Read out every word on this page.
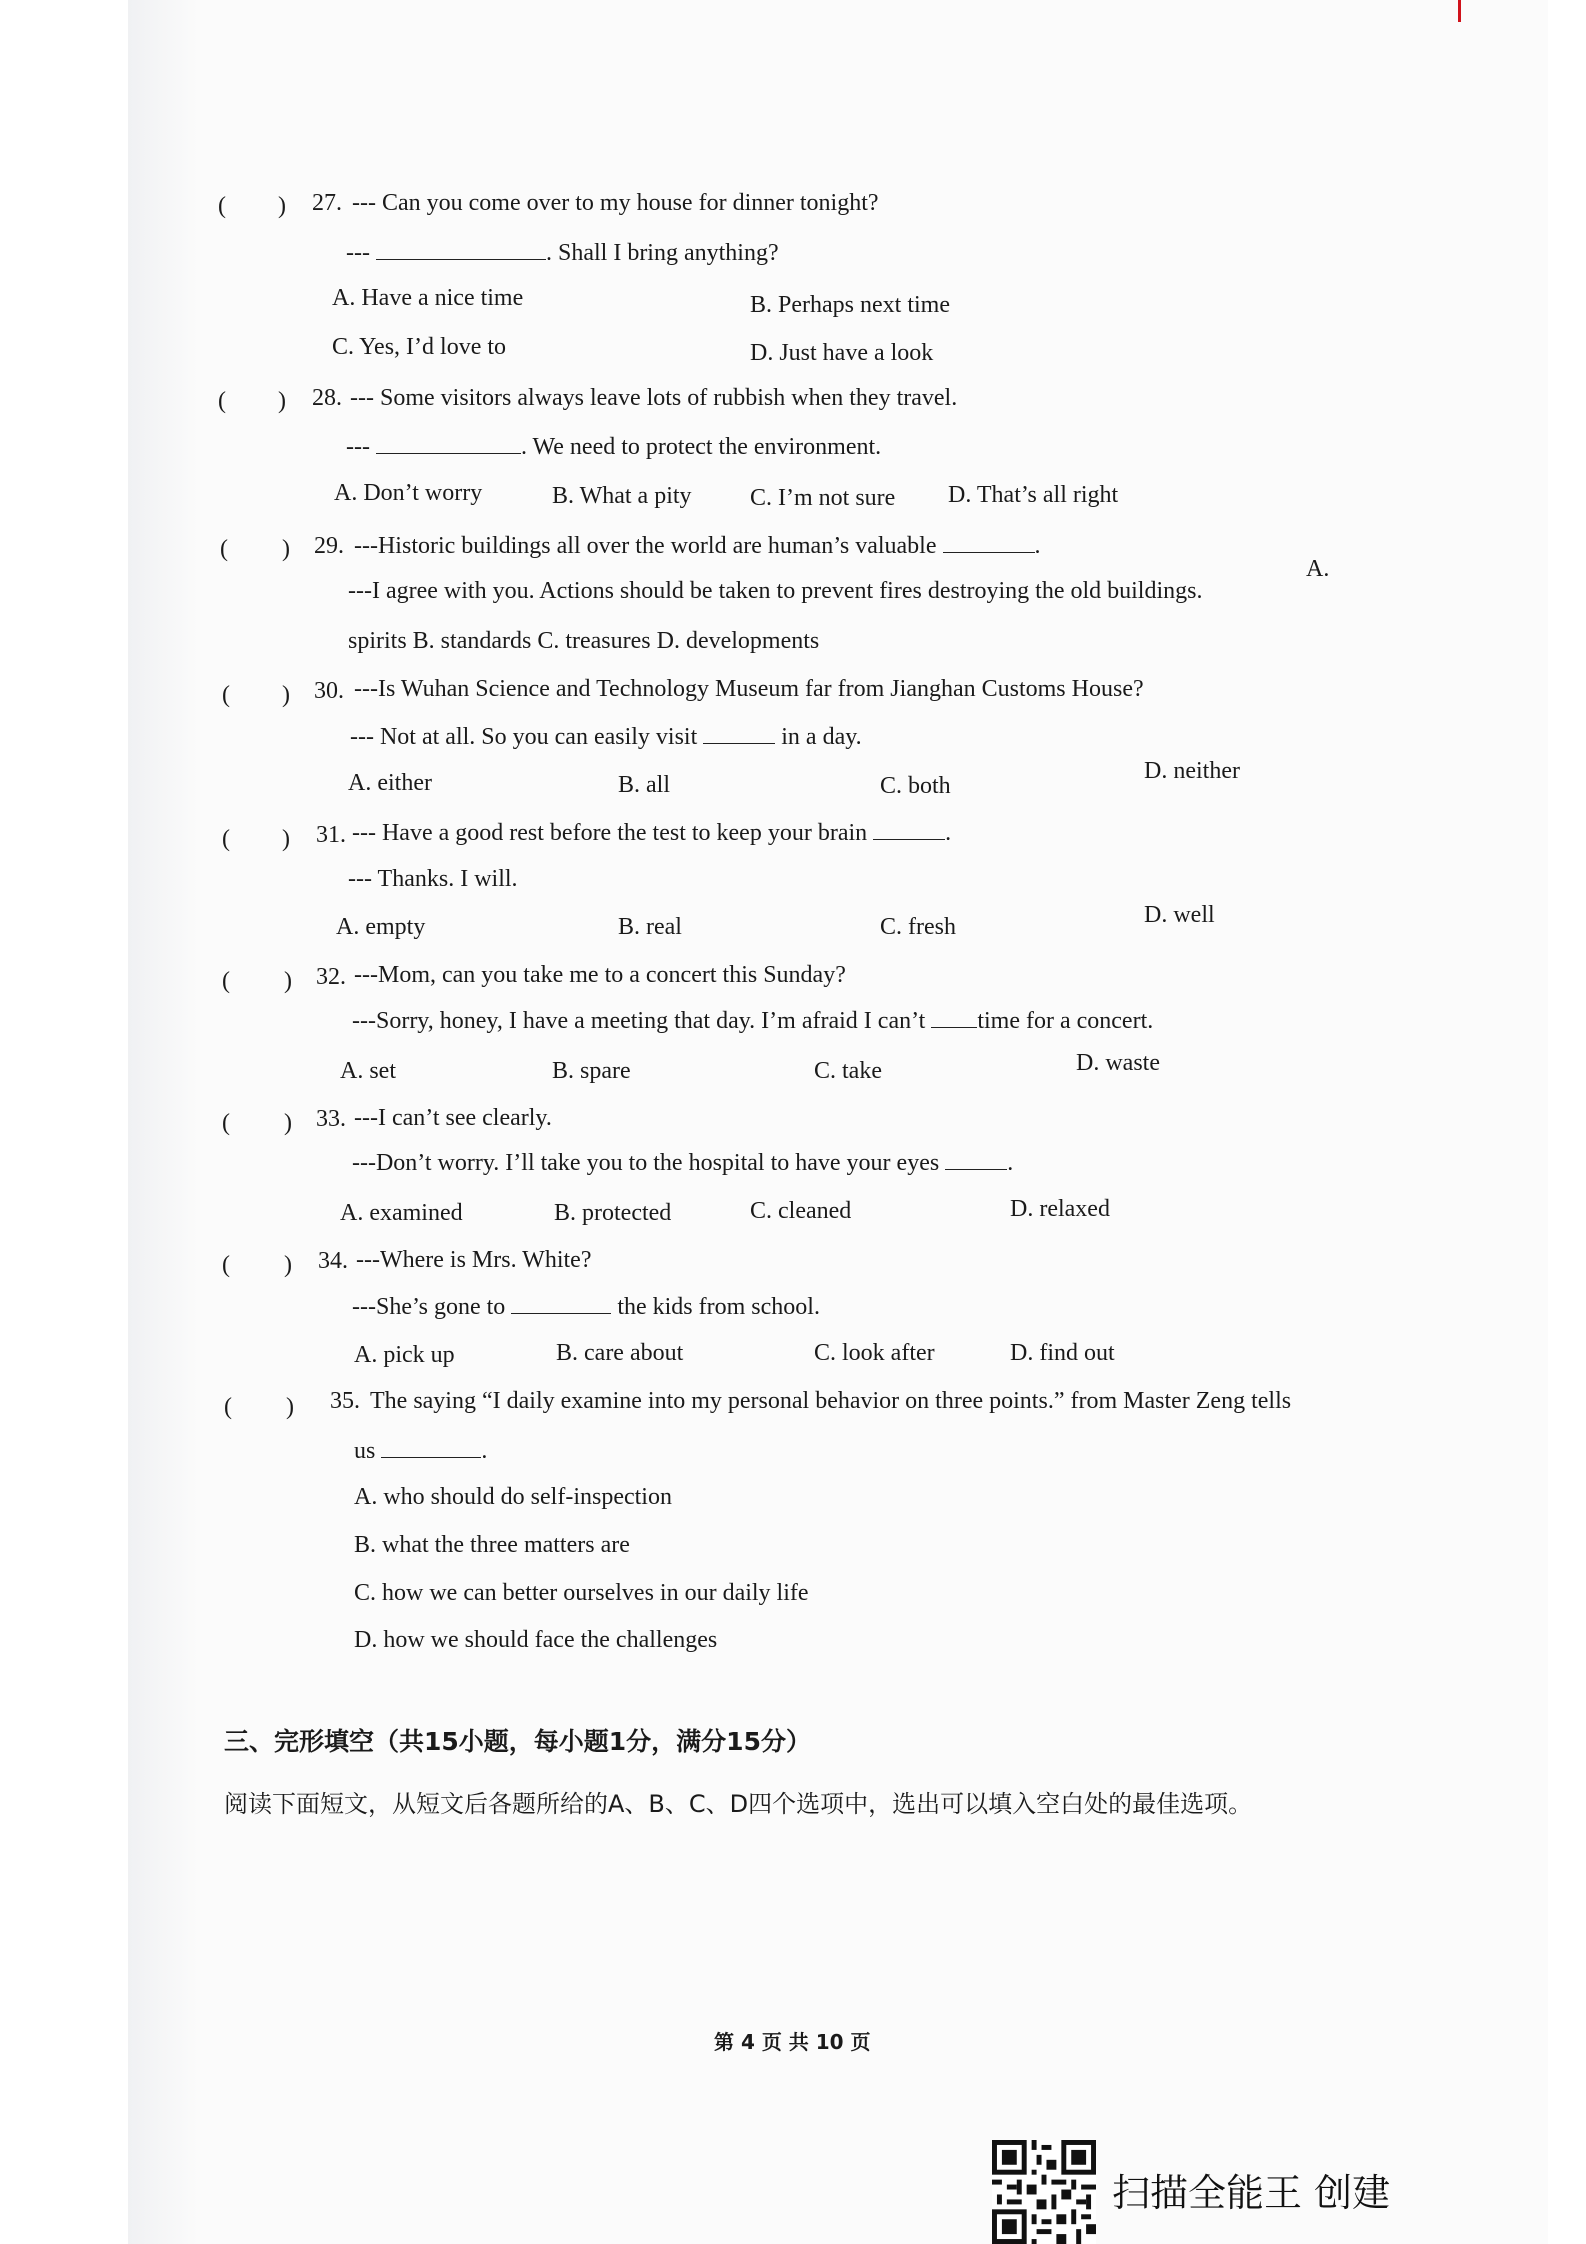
( ) 27. --- Can you come over to my house for dinner tonight?
---	. Shall I bring anything?
A. Have a nice time	B. Perhaps next time
C. Yes, I’d love to	D. Just have a look
( ) 28. --- Some visitors always leave lots of rubbish when they travel.
---	. We need to protect the environment.
A. Don’t worry	B. What a pity C. I’m not sure D. That’s all right
( ) 29. ---Historic buildings all over the world are human’s valuable	.
---I agree with you. Actions should be taken to prevent fires destroying the old buildings.
A.
spirits B. standards C. treasures D. developments
( ) 30. ---Is Wuhan Science and Technology Museum far from Jianghan Customs House?
--- Not at all. So you can easily visit	in a day.
A. either	B. all	C. both
D. neither
( ) 31. --- Have a good rest before the test to keep your brain	.
--- Thanks. I will.
A. empty	B. real	C. fresh	D. well
( ) 32. ---Mom, can you take me to a concert this Sunday?
---Sorry, honey, I have a meeting that day. I’m afraid I can’t time for a concert.
A. set	B. spare	C. take	D. waste
( ) 33. ---I can’t see clearly.
---Don’t worry. I’ll take you to the hospital to have your eyes	.
A. examined	B. protected	C. cleaned	D. relaxed
( ) 34. ---Where is Mrs. White?
---She’s gone to	the kids from school.
A. pick up	B. care about	C. look after	D. find out
( ) 35. The saying “I daily examine into my personal behavior on three points.” from Master Zeng tells
us	.
A. who should do self-inspection
B. what the three matters are
C. how we can better ourselves in our daily life
D. how we should face the challenges
三、完形填空（共15小题，每小题1分，满分15分）
阅读下面短文，从短文后各题所给的A、B、C、D四个选项中，选出可以填入空白处的最佳选项。
第 4 页 共 10 页
扫描全能王 创建
